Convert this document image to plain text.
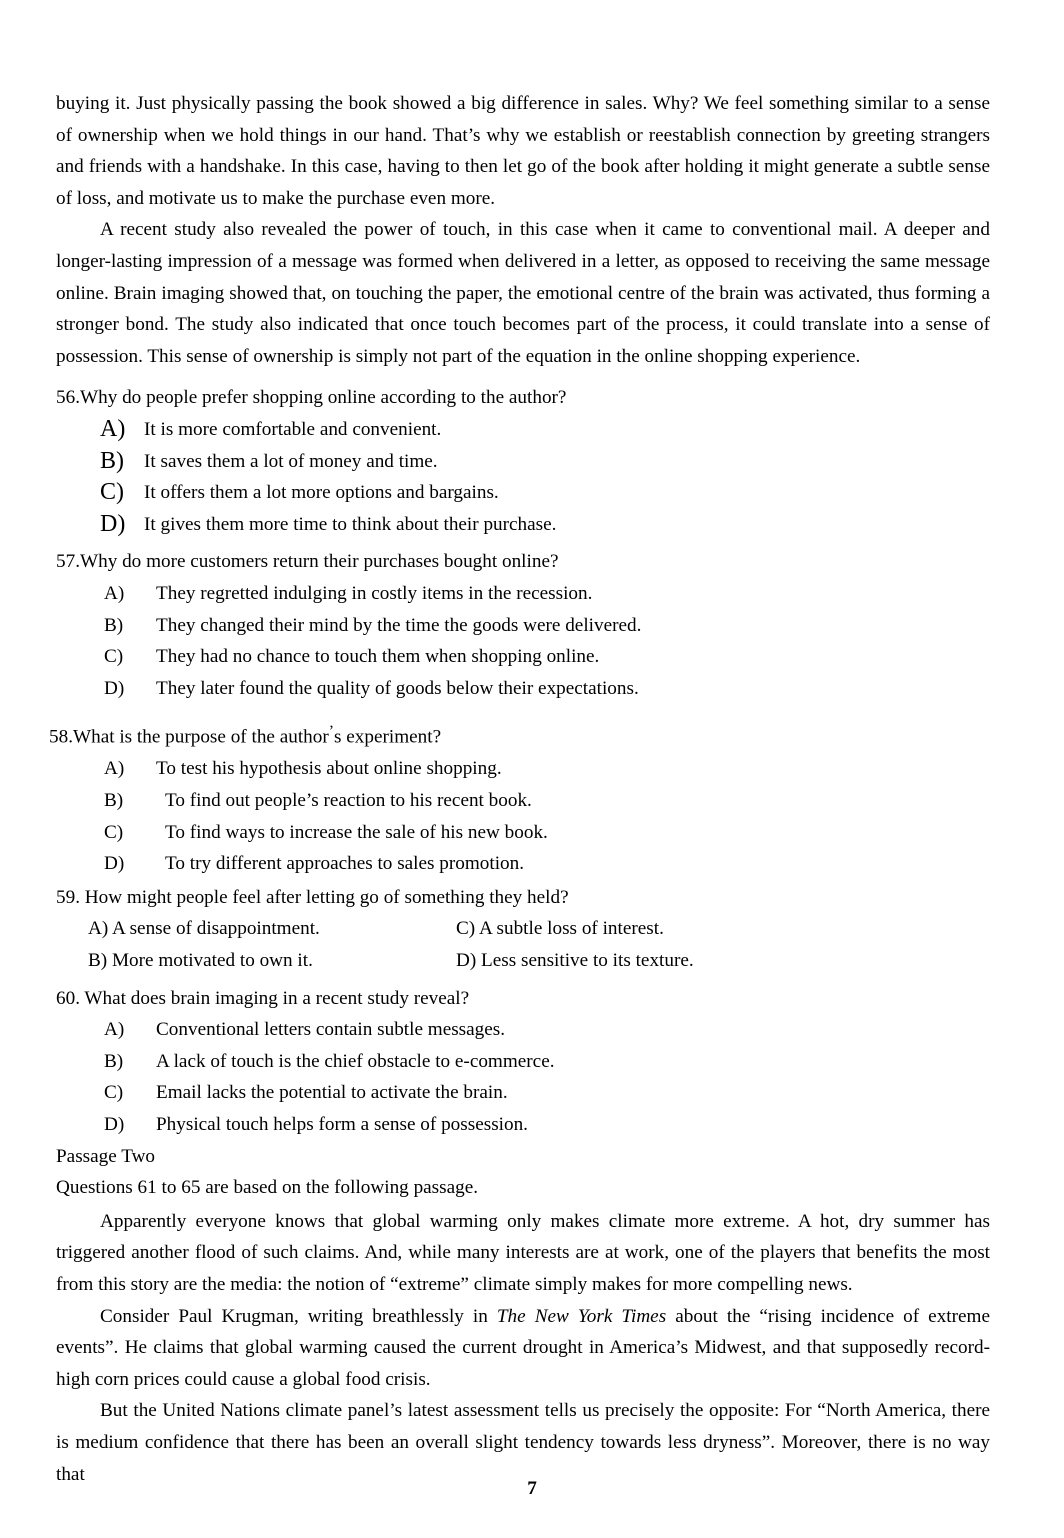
buying it. Just physically passing the book showed a big difference in sales. Why? We feel something similar to a sense of ownership when we hold things in our hand. That’s why we establish or reestablish connection by greeting strangers and friends with a handshake. In this case, having to then let go of the book after holding it might generate a subtle sense of loss, and motivate us to make the purchase even more.

A recent study also revealed the power of touch, in this case when it came to conventional mail. A deeper and longer-lasting impression of a message was formed when delivered in a letter, as opposed to receiving the same message online. Brain imaging showed that, on touching the paper, the emotional centre of the brain was activated, thus forming a stronger bond. The study also indicated that once touch becomes part of the process, it could translate into a sense of possession. This sense of ownership is simply not part of the equation in the online shopping experience.

56.Why do people prefer shopping online according to the author?

A) It is more comfortable and convenient.
B)	It saves them a lot of money and time.
C)	It offers them a lot more options and bargains.
D) It gives them more time to think about their purchase.

57.Why do more customers return their purchases bought online?

A)	They regretted indulging in costly items in the recession.
B)	They changed their mind by the time the goods were delivered.
C)	They had no chance to touch them when shopping online.
D)	They later found the quality of goods below their expectations.

58.What is the purpose of the author’s experiment?

A)	To test his hypothesis about online shopping.
B)	To find out people’s reaction to his recent book.
C)	To find ways to increase the sale of his new book.
D)	To try different approaches to sales promotion.

59. How might people feel after letting go of something they held?

A) A sense of disappointment.	C) A subtle loss of interest.
B) More motivated to own it.	D) Less sensitive to its texture.

60. What does brain imaging in a recent study reveal?

A)	Conventional letters contain subtle messages.
B)	A lack of touch is the chief obstacle to e-commerce.
C)	Email lacks the potential to activate the brain.
D)	Physical touch helps form a sense of possession.

Passage Two

Questions 61 to 65 are based on the following passage.

Apparently everyone knows that global warming only makes climate more extreme. A hot, dry summer has triggered another flood of such claims. And, while many interests are at work, one of the players that benefits the most from this story are the media: the notion of “extreme” climate simply makes for more compelling news.

Consider Paul Krugman, writing breathlessly in The New York Times about the “rising incidence of extreme events”. He claims that global warming caused the current drought in America’s Midwest, and that supposedly record-high corn prices could cause a global food crisis.

But the United Nations climate panel’s latest assessment tells us precisely the opposite: For “North America, there is medium confidence that there has been an overall slight tendency towards less dryness”. Moreover, there is no way that

7
